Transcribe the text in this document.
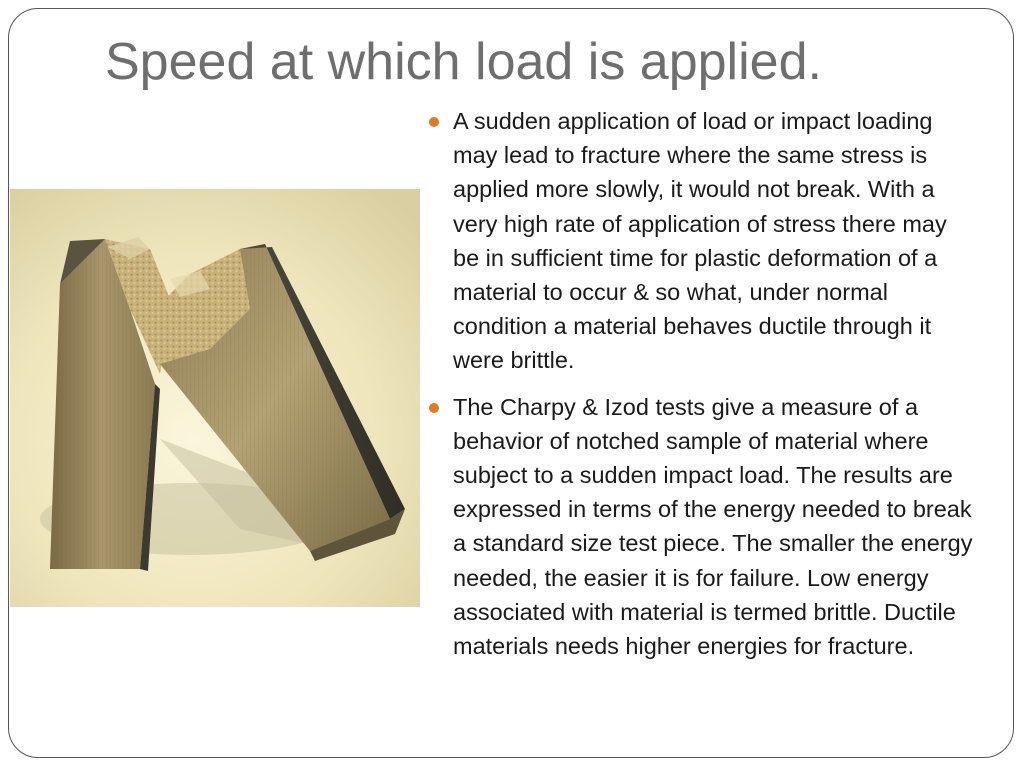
Speed at which load is applied.
A sudden application of load or impact loading may lead to fracture where the same stress is applied more slowly, it would not break. With a very high rate of application of stress there may be in sufficient time for plastic deformation of a material to occur & so what, under normal condition a material behaves ductile through it were brittle.
The Charpy & Izod tests give a measure of a behavior of notched sample of material where subject to a sudden impact load. The results are expressed in terms of the energy needed to break a standard size test piece. The smaller the energy needed, the easier it is for failure. Low energy associated with material is termed brittle. Ductile materials needs higher energies for fracture.
